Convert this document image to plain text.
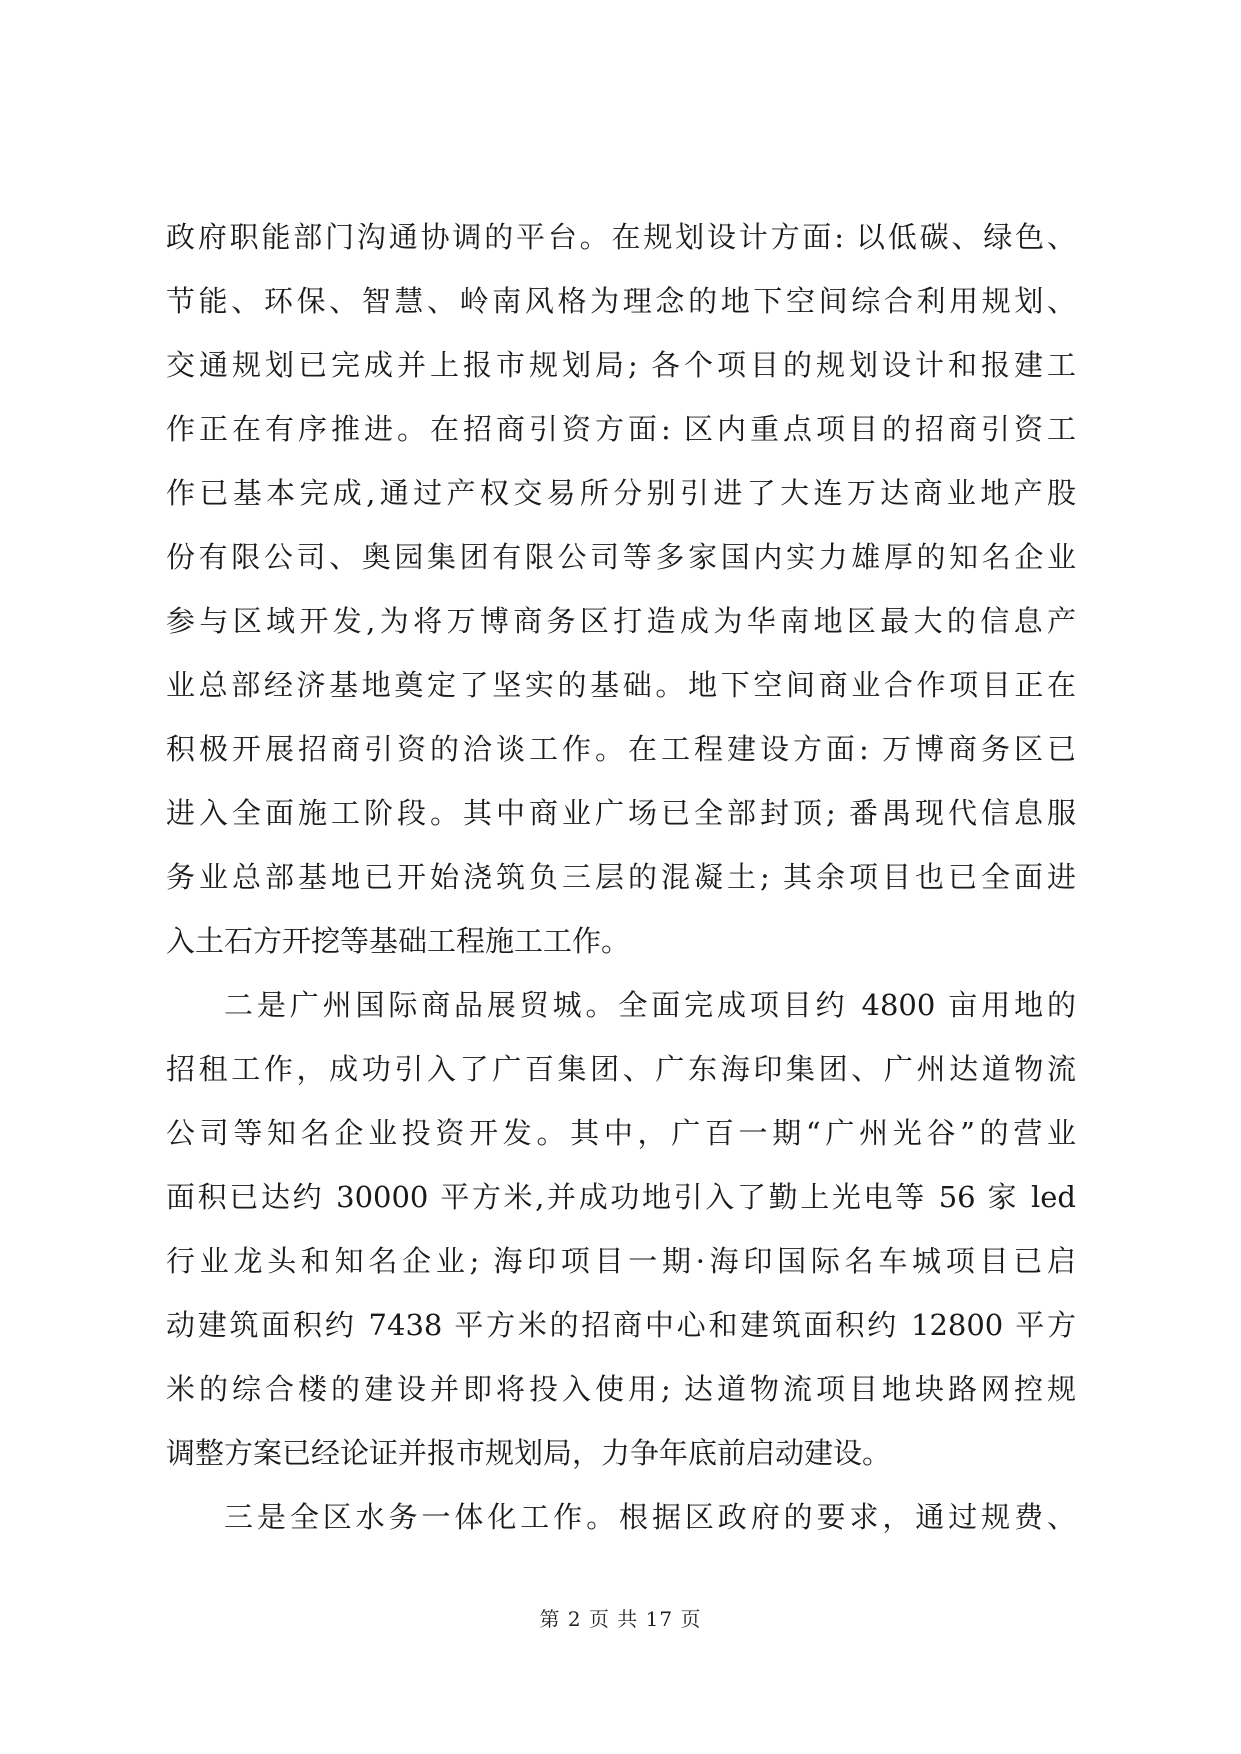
政府职能部门沟通协调的平台。在规划设计方面: 以低碳、绿色、
节能、环保、智慧、岭南风格为理念的地下空间综合利用规划、
交通规划已完成并上报市规划局; 各个项目的规划设计和报建工
作正在有序推进。在招商引资方面: 区内重点项目的招商引资工
作已基本完成,通过产权交易所分别引进了大连万达商业地产股
份有限公司、奥园集团有限公司等多家国内实力雄厚的知名企业
参与区域开发,为将万博商务区打造成为华南地区最大的信息产
业总部经济基地奠定了坚实的基础。地下空间商业合作项目正在
积极开展招商引资的洽谈工作。在工程建设方面: 万博商务区已
进入全面施工阶段。其中商业广场已全部封顶; 番禺现代信息服
务业总部基地已开始浇筑负三层的混凝土; 其余项目也已全面进
入土石方开挖等基础工程施工工作。

二是广州国际商品展贸城。全面完成项目约 4800 亩用地的
招租工作，成功引入了广百集团、广东海印集团、广州达道物流
公司等知名企业投资开发。其中，广百一期“广州光谷”的营业
面积已达约 30000 平方米,并成功地引入了勤上光电等 56 家 led
行业龙头和知名企业; 海印项目一期·海印国际名车城项目已启
动建筑面积约 7438 平方米的招商中心和建筑面积约 12800 平方
米的综合楼的建设并即将投入使用; 达道物流项目地块路网控规
调整方案已经论证并报市规划局，力争年底前启动建设。

三是全区水务一体化工作。根据区政府的要求，通过规费、

第 2 页 共 17 页
